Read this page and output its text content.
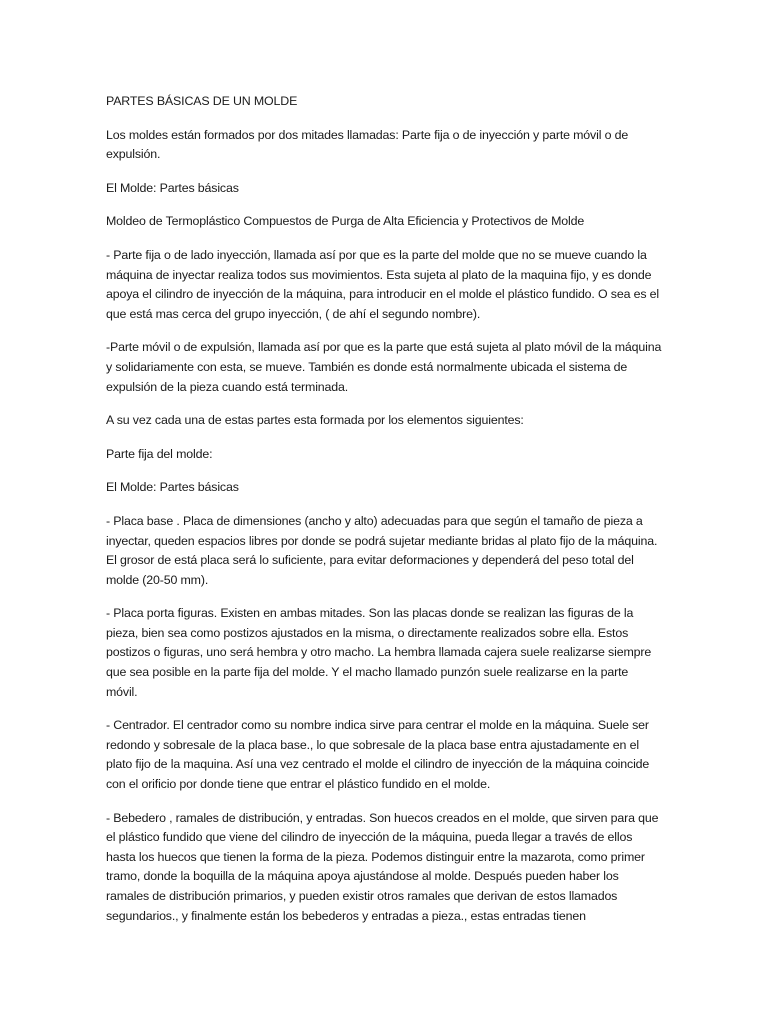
PARTES BÁSICAS DE UN MOLDE

Los moldes están formados por dos mitades llamadas: Parte fija o de inyección y parte móvil o de expulsión.

El Molde: Partes básicas

Moldeo de Termoplástico Compuestos de Purga de Alta Eficiencia y Protectivos de Molde

- Parte fija o de lado inyección, llamada así por que es la parte del molde que no se mueve cuando la máquina de inyectar realiza todos sus movimientos. Esta sujeta al plato de la maquina fijo, y es donde apoya el cilindro de inyección de la máquina, para introducir en el molde el plástico fundido. O sea es el que está mas cerca del grupo inyección, ( de ahí el segundo nombre).

-Parte móvil o de expulsión, llamada así por que es la parte que está sujeta al plato móvil de la máquina y solidariamente con esta, se mueve. También es donde está normalmente ubicada el sistema de expulsión de la pieza cuando está terminada.

A su vez cada una de estas partes esta formada por los elementos siguientes:

Parte fija del molde:

El Molde: Partes básicas

- Placa base . Placa de dimensiones (ancho y alto) adecuadas para que según el tamaño de pieza a inyectar, queden espacios libres por donde se podrá sujetar mediante bridas al plato fijo de la máquina. El grosor de está placa será lo suficiente, para evitar deformaciones y dependerá del peso total del molde (20-50 mm).

- Placa porta figuras. Existen en ambas mitades. Son las placas donde se realizan las figuras de la pieza, bien sea como postizos ajustados en la misma, o directamente realizados sobre ella. Estos postizos o figuras, uno será hembra y otro macho. La hembra llamada cajera suele realizarse siempre que sea posible en la parte fija del molde. Y el macho llamado punzón suele realizarse en la parte móvil.

- Centrador. El centrador como su nombre indica sirve para centrar el molde en la máquina. Suele ser redondo y sobresale de la placa base., lo que sobresale de la placa base entra ajustadamente en el plato fijo de la maquina. Así una vez centrado el molde el cilindro de inyección de la máquina coincide con el orificio por donde tiene que entrar el plástico fundido en el molde.

- Bebedero , ramales de distribución, y entradas. Son huecos creados en el molde, que sirven para que el plástico fundido que viene del cilindro de inyección de la máquina, pueda llegar a través de ellos hasta los huecos que tienen la forma de la pieza. Podemos distinguir entre la mazarota, como primer tramo, donde la boquilla de la máquina apoya ajustándose al molde. Después pueden haber los ramales de distribución primarios, y pueden existir otros ramales que derivan de estos llamados segundarios., y finalmente están los bebederos y entradas a pieza., estas entradas tienen
